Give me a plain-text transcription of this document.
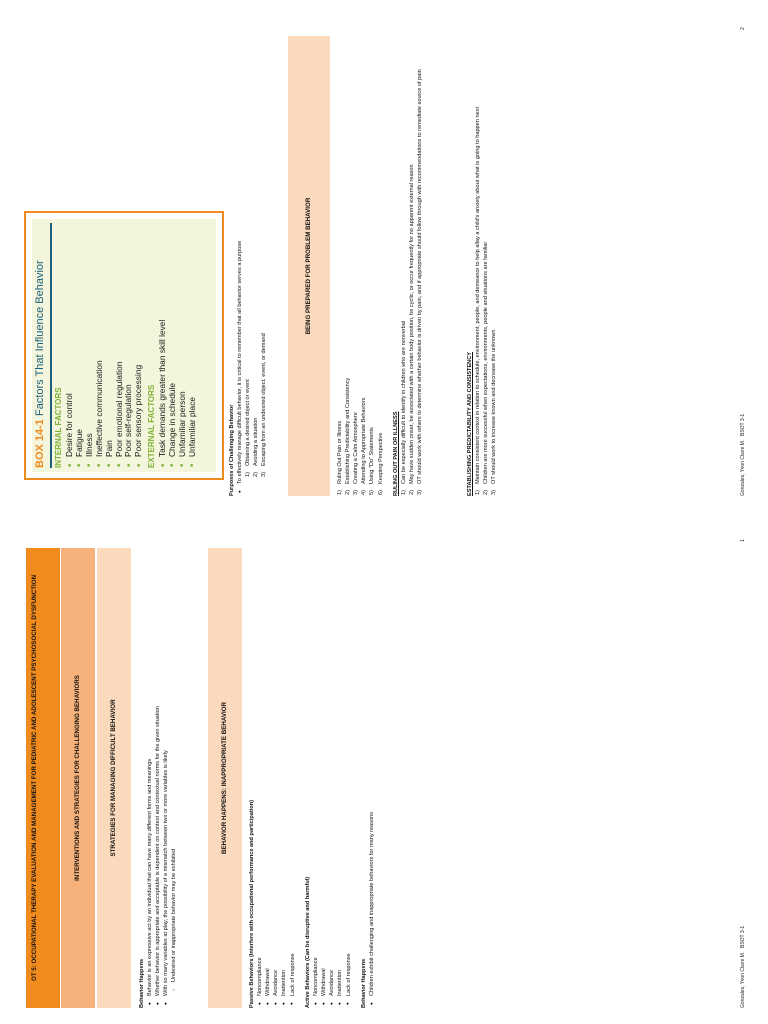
OT 5: OCCUPATIONAL THERAPY EVALUATION AND MANAGEMENT FOR PEDIATRIC AND ADOLESCENT PSYCHOSOCIAL DYSFUNCTION	INTERVENTIONS AND STRATEGIES FOR CHALLENGING BEHAVIORS	STRATEGIES FOR MANAGING DIFFICULT BEHAVIOR
Behavior Happens ● Behavior is an expressive act by an individual that can have many different forms and meanings ● Whether behavior is appropriate and acceptable is dependent on context and contextual norms for the given situation ● With so many variables at play, the possibility of a mismatch between two or more variables is likely ○ Undesired or inappropriate behavior may be exhibited
BEHAVIOR HAPPENS: INAPPROPRIATE BEHAVIOR
Passive Behaviors (Interfere with occupational performance and participation) ● Noncompliance ● Withdrawal ● Avoidance ● Inattention ● Lack of response Active Behaviors (Can be disruptive and harmful) ● Noncompliance ● Withdrawal ● Avoidance ● Inattention ● Lack of response Behavior Happens ● Children exhibit challenging and inappropriate behaviors for many reasons	Gonzales, Yvon Claire M.
BSOT 3-1
1
BOX 14-1 Factors That Influence Behavior
INTERNAL FACTORS ■ Desire for control ■ Fatigue ■ Illness ■ Ineffective communication ■ Pain ■ Poor emotional regulation ■ Poor self-regulation ■ Poor sensory processing EXTERNAL FACTORS ■ Task demands greater than skill level ■ Change in schedule ■ Unfamiliar person ■ Unfamiliar place	Purposes of Challenging Behavior ● To effectively manage difficult behavior, it is critical to remember that all behavior serves a purpose Obtaining a desired object or event Avoiding a situation Escaping from an undesired object, event, or demand
BEING PREPARED FOR PROBLEM BEHAVIOR
Ruling Out Pain or Illness Establishing Predictability and Consistency Creating a Calm Atmosphere Attending to Appropriate Behaviors Using "Do" Statements Keeping Perspective RULING OUT PAIN OR ILLNESS Can be especially difficult to identify in children who are nonverbal May have sudden onset, be associated with a certain body position, be cyclic, or occur frequently for no apparent external reason OT should work with others to determine whether behavior is driven by pain, and if appropriate should follow through with recommendations to remediate source of pain	ESTABLISHING PREDICTABILITY AND CONSISTENCY Maintain consistent context in relation to schedule, environment, people, and demeanor to help allay a child's anxiety about what is going to happen next Children are more successful when expectations, environments, people and situations are familiar OT should work to increase known and decrease the unknown	Gonzales, Yvon Claire M.
BSOT 3-1
2
